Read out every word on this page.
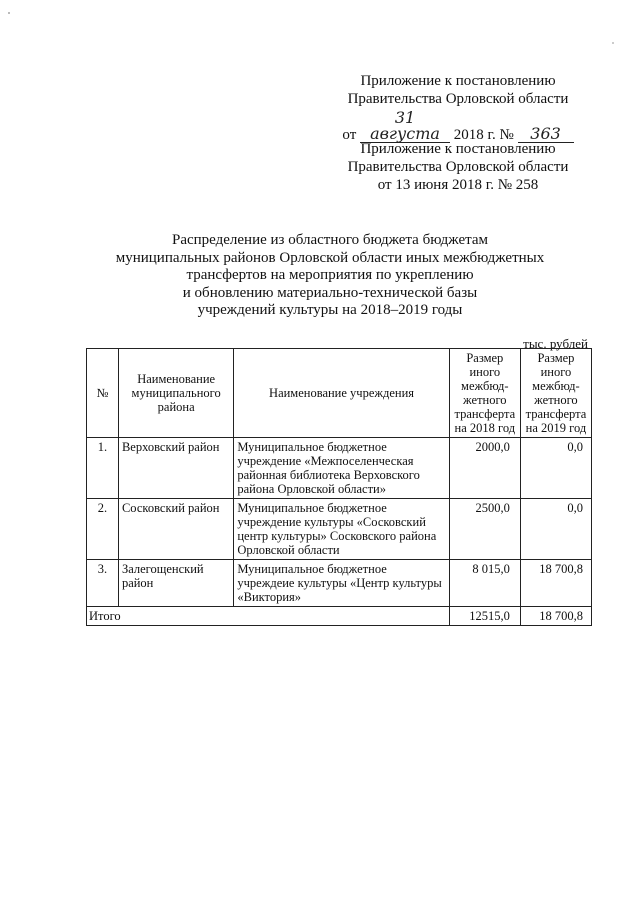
Приложение к постановлению
Правительства Орловской области
от 31 августа 2018 г. № 363
Приложение к постановлению
Правительства Орловской области
от 13 июня 2018 г. № 258
Распределение из областного бюджета бюджетам
муниципальных районов Орловской области иных межбюджетных
трансфертов на мероприятия по укреплению
и обновлению материально-технической базы
учреждений культуры на 2018–2019 годы
тыс. рублей
№	Наименование муниципального района	Наименование учреждения	Размер иного межбюд-жетного трансферта на 2018 год	Размер иного межбюд-жетного трансферта на 2019 год
1.	Верховский район	Муниципальное бюджетное учреждение «Межпоселенческая районная библиотека Верховского района Орловской области»	2000,0	0,0
2.	Сосковский район	Муниципальное бюджетное учреждение культуры «Сосковский центр культуры» Сосковского района Орловской области	2500,0	0,0
3.	Залегощенский район	Муниципальное бюджетное учреждеие культуры «Центр культуры «Виктория»	8 015,0	18 700,8
Итого			12515,0	18 700,8
